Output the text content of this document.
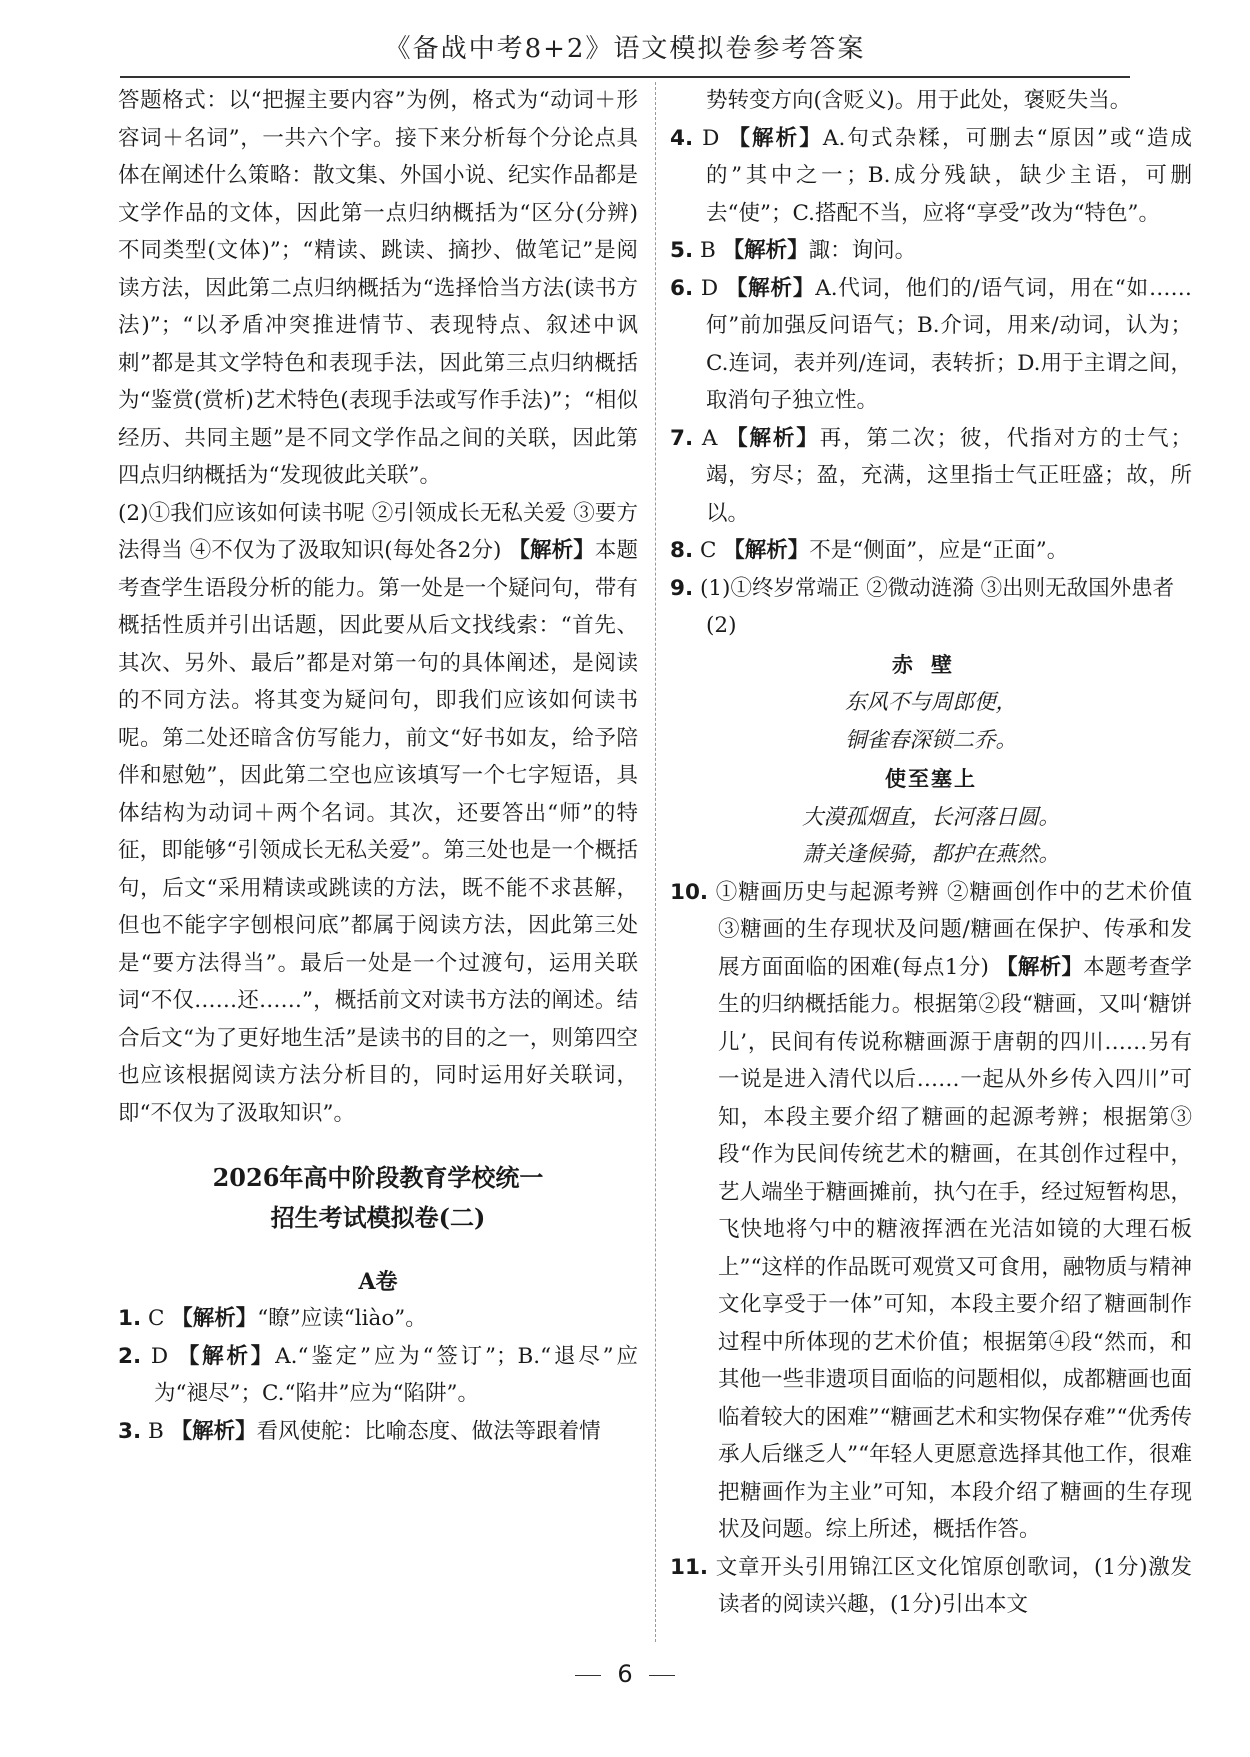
《备战中考8+2》语文模拟卷参考答案

答题格式：以“把握主要内容”为例，格式为“动词＋形容词＋名词”，一共六个字。接下来分析每个分论点具体在阐述什么策略：散文集、外国小说、纪实作品都是文学作品的文体，因此第一点归纳概括为“区分(分辨)不同类型(文体)”；“精读、跳读、摘抄、做笔记”是阅读方法，因此第二点归纳概括为“选择恰当方法(读书方法)”；“以矛盾冲突推进情节、表现特点、叙述中讽刺”都是其文学特色和表现手法，因此第三点归纳概括为“鉴赏(赏析)艺术特色(表现手法或写作手法)”；“相似经历、共同主题”是不同文学作品之间的关联，因此第四点归纳概括为“发现彼此关联”。

(2)①我们应该如何读书呢 ②引领成长无私关爱 ③要方法得当 ④不仅为了汲取知识(每处各2分) 【解析】本题考查学生语段分析的能力。第一处是一个疑问句，带有概括性质并引出话题，因此要从后文找线索：“首先、其次、另外、最后”都是对第一句的具体阐述，是阅读的不同方法。将其变为疑问句，即我们应该如何读书呢。第二处还暗含仿写能力，前文“好书如友，给予陪伴和慰勉”，因此第二空也应该填写一个七字短语，具体结构为动词＋两个名词。其次，还要答出“师”的特征，即能够“引领成长无私关爱”。第三处也是一个概括句，后文“采用精读或跳读的方法，既不能不求甚解，但也不能字字刨根问底”都属于阅读方法，因此第三处是“要方法得当”。最后一处是一个过渡句，运用关联词“不仅……还……”，概括前文对读书方法的阐述。结合后文“为了更好地生活”是读书的目的之一，则第四空也应该根据阅读方法分析目的，同时运用好关联词，即“不仅为了汲取知识”。

2026年高中阶段教育学校统一
招生考试模拟卷(二)
A卷

1. C 【解析】“瞭”应读“liào”。

2. D 【解析】A.“鉴定”应为“签订”；B.“退尽”应为“褪尽”；C.“陷井”应为“陷阱”。

3. B 【解析】看风使舵：比喻态度、做法等跟着情

势转变方向(含贬义)。用于此处，褒贬失当。

4. D 【解析】A.句式杂糅，可删去“原因”或“造成的”其中之一；B.成分残缺，缺少主语，可删去“使”；C.搭配不当，应将“享受”改为“特色”。

5. B 【解析】諏：询问。

6. D 【解析】A.代词，他们的/语气词，用在“如……何”前加强反问语气；B.介词，用来/动词，认为；C.连词，表并列/连词，表转折；D.用于主谓之间，取消句子独立性。

7. A 【解析】再，第二次；彼，代指对方的士气；竭，穷尽；盈，充满，这里指士气正旺盛；故，所以。

8. C 【解析】不是“侧面”，应是“正面”。

9. (1)①终岁常端正 ②微动涟漪 ③出则无敌国外患者

(2)

赤壁
东风不与周郎便，
铜雀春深锁二乔。
使至塞上
大漠孤烟直，长河落日圆。
萧关逢候骑，都护在燕然。

10. ①糖画历史与起源考辨 ②糖画创作中的艺术价值 ③糖画的生存现状及问题/糖画在保护、传承和发展方面面临的困难(每点1分) 【解析】本题考查学生的归纳概括能力。根据第②段“糖画，又叫‘糖饼儿’，民间有传说称糖画源于唐朝的四川……另有一说是进入清代以后……一起从外乡传入四川”可知，本段主要介绍了糖画的起源考辨；根据第③段“作为民间传统艺术的糖画，在其创作过程中，艺人端坐于糖画摊前，执勺在手，经过短暂构思，飞快地将勺中的糖液挥洒在光洁如镜的大理石板上”“这样的作品既可观赏又可食用，融物质与精神文化享受于一体”可知，本段主要介绍了糖画制作过程中所体现的艺术价值；根据第④段“然而，和其他一些非遗项目面临的问题相似，成都糖画也面临着较大的困难”“糖画艺术和实物保存难”“优秀传承人后继乏人”“年轻人更愿意选择其他工作，很难把糖画作为主业”可知，本段介绍了糖画的生存现状及问题。综上所述，概括作答。

11. 文章开头引用锦江区文化馆原创歌词，(1分)激发读者的阅读兴趣，(1分)引出本文

6
